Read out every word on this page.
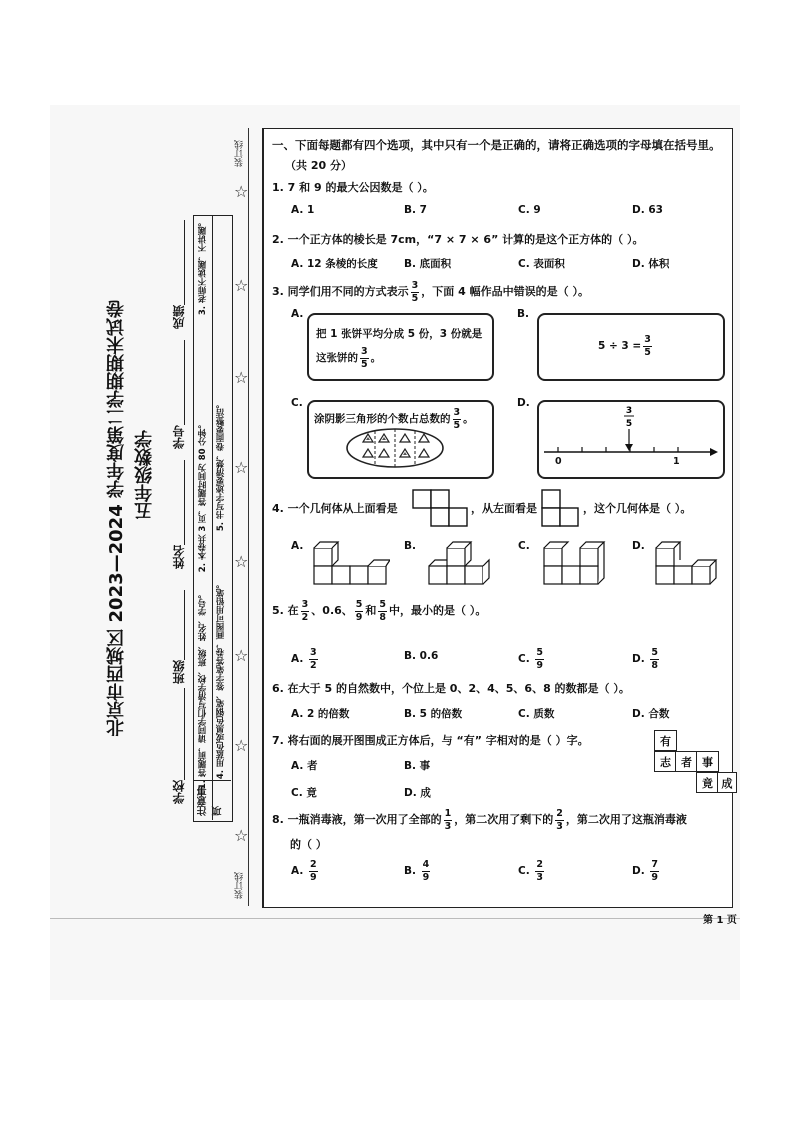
装订线
装订线
☆
☆
☆
☆
☆
☆
☆
☆
北京市西城区 2023—2024 学年度第二学期期末试卷 五年级数学
学校
班级
姓名
学号
成绩
注意事项
1. 答题前，请同学们写清学校、班级、姓名、学号。
2. 本卷共 3 页，答题时间为 80 分钟。
3. 老师不读题，不讲题。
4. 用蓝色或黑色钢笔、签字笔答卷，画图可用铅笔。
5. 书写字迹要清楚，卷面要整洁。
一、下面每题都有四个选项，其中只有一个是正确的，请将正确选项的字母填在括号里。
（共 20 分）
1. 7 和 9 的最大公因数是（ ）。
A. 1	B. 7	C. 9	D. 63
2. 一个正方体的棱长是 7cm，“7 × 7 × 6” 计算的是这个正方体的（ ）。
A. 12 条棱的长度	B. 底面积	C. 表面积	D. 体积
3. 同学们用不同的方式表示 $\frac{3}{5}$ ，下面 4 幅作品中错误的是（ ）。
A.
把 1 张饼平均分成 5 份，3 份就是
这张饼的 $\frac{3}{5}$ 。
B.
$5 \div 3 = \frac{3}{5}$
C.
涂阴影三角形的个数占总数的 $\frac{3}{5}$ 。
D.
3
5
0	1
4. 一个几何体从上面看是	，从左面看是	，这个几何体是（ ）。
A.	B.	C.	D.
5. 在 $\frac{3}{2}$ 、0.6、 $\frac{5}{9}$ 和 $\frac{5}{8}$ 中，最小的是（ ）。
A. $\frac{3}{2}$	B. 0.6	C. $\frac{5}{9}$	D. $\frac{5}{8}$
6. 在大于 5 的自然数中，个位上是 0、2、4、5、6、8 的数都是（ ）。
A. 2 的倍数	B. 5 的倍数	C. 质数	D. 合数
7. 将右面的展开图围成正方体后，与 “有” 字相对的是（ ）字。
A. 者	B. 事
C. 竟	D. 成
有
志 者 事
竟 成
8. 一瓶消毒液，第一次用了全部的 $\frac{1}{3}$ ，第二次用了剩下的 $\frac{2}{3}$ ，第二次用了这瓶消毒液
的（ ）
A. $\frac{2}{9}$	B. $\frac{4}{9}$	C. $\frac{2}{3}$	D. $\frac{7}{9}$
第 1 页
